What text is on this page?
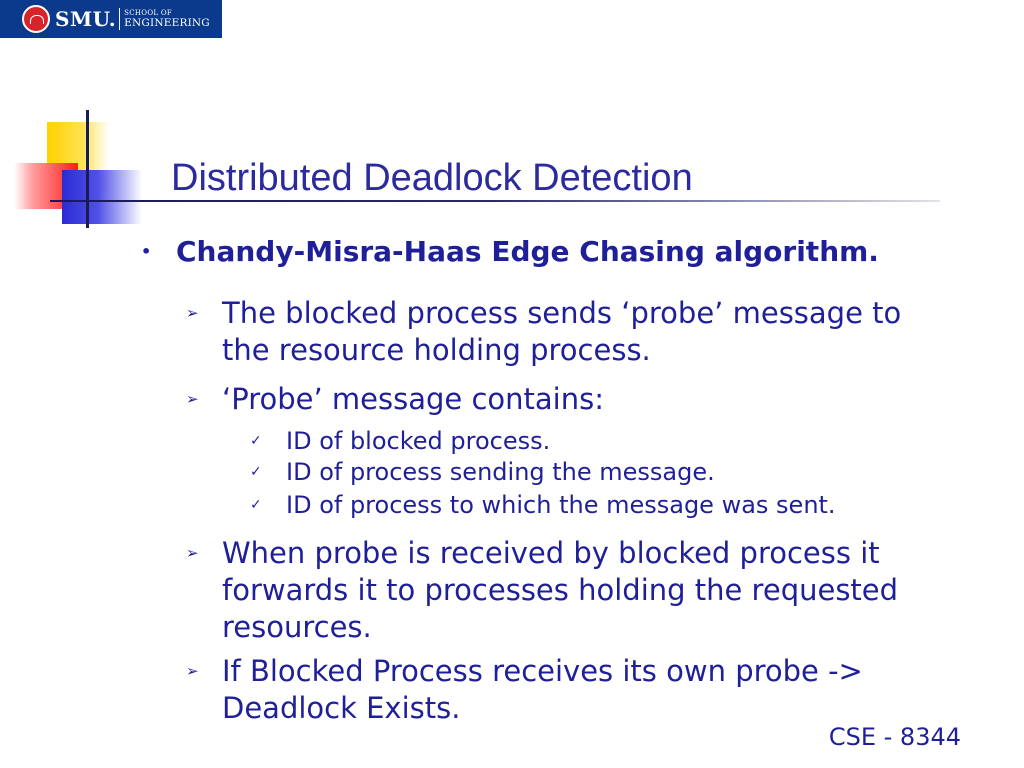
SMU. SCHOOL OF
ENGINEERING
Distributed Deadlock Detection
• Chandy-Misra-Haas Edge Chasing algorithm.
➢ The blocked process sends ‘probe’ message to the resource holding process.
➢ ‘Probe’ message contains:
✓ ID of blocked process.
✓ ID of process sending the message.
✓ ID of process to which the message was sent.
➢ When probe is received by blocked process it forwards it to processes holding the requested resources.
➢ If Blocked Process receives its own probe -> Deadlock Exists.
CSE - 8344
